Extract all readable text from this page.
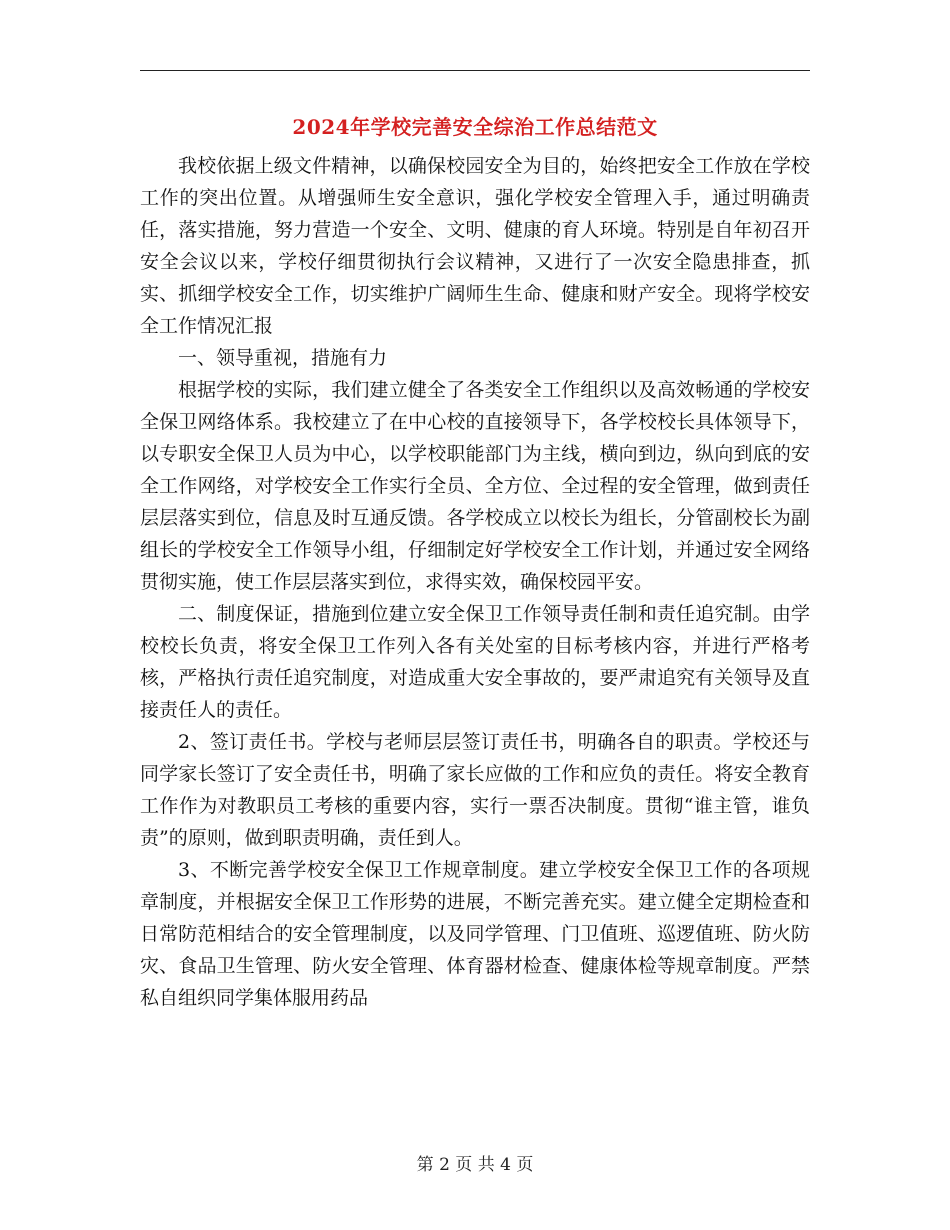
2024年学校完善安全综治工作总结范文

我校依据上级文件精神，以确保校园安全为目的，始终把安全工作放在学校工作的突出位置。从增强师生安全意识，强化学校安全管理入手，通过明确责任，落实措施，努力营造一个安全、文明、健康的育人环境。特别是自年初召开安全会议以来，学校仔细贯彻执行会议精神，又进行了一次安全隐患排查，抓实、抓细学校安全工作，切实维护广阔师生生命、健康和财产安全。现将学校安全工作情况汇报

一、领导重视，措施有力

根据学校的实际，我们建立健全了各类安全工作组织以及高效畅通的学校安全保卫网络体系。我校建立了在中心校的直接领导下，各学校校长具体领导下，以专职安全保卫人员为中心，以学校职能部门为主线，横向到边，纵向到底的安全工作网络，对学校安全工作实行全员、全方位、全过程的安全管理，做到责任层层落实到位，信息及时互通反馈。各学校成立以校长为组长，分管副校长为副组长的学校安全工作领导小组，仔细制定好学校安全工作计划，并通过安全网络贯彻实施，使工作层层落实到位，求得实效，确保校园平安。

二、制度保证，措施到位建立安全保卫工作领导责任制和责任追究制。由学校校长负责，将安全保卫工作列入各有关处室的目标考核内容，并进行严格考核，严格执行责任追究制度，对造成重大安全事故的，要严肃追究有关领导及直接责任人的责任。

2、签订责任书。学校与老师层层签订责任书，明确各自的职责。学校还与同学家长签订了安全责任书，明确了家长应做的工作和应负的责任。将安全教育工作作为对教职员工考核的重要内容，实行一票否决制度。贯彻“谁主管，谁负责”的原则，做到职责明确，责任到人。

3、不断完善学校安全保卫工作规章制度。建立学校安全保卫工作的各项规章制度，并根据安全保卫工作形势的进展，不断完善充实。建立健全定期检查和日常防范相结合的安全管理制度，以及同学管理、门卫值班、巡逻值班、防火防灾、食品卫生管理、防火安全管理、体育器材检查、健康体检等规章制度。严禁私自组织同学集体服用药品

第 2 页 共 4 页
